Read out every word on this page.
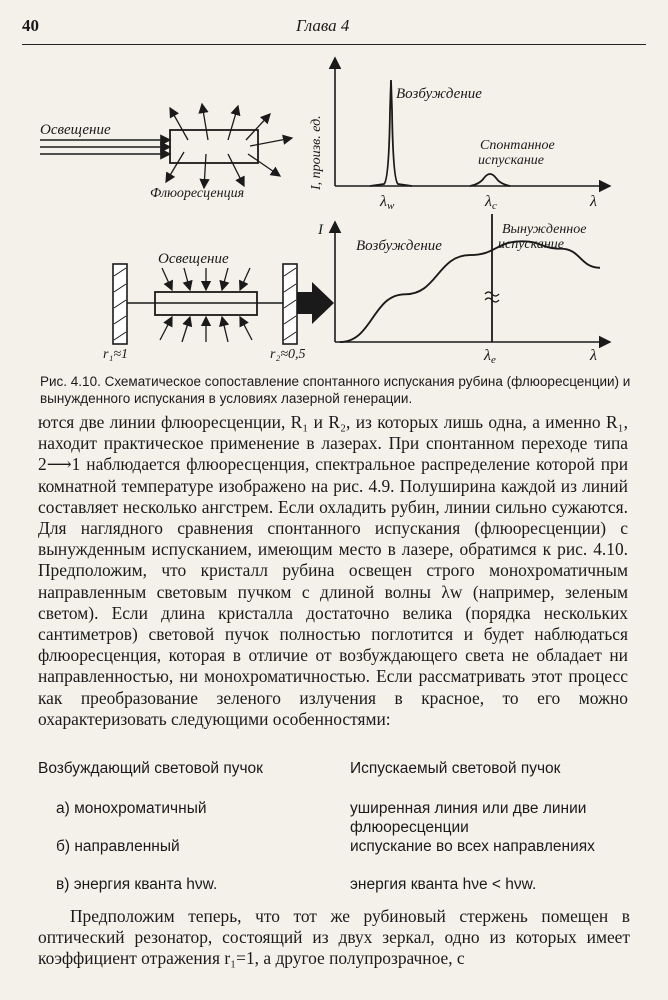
40	Глава 4
Освещение
Флюоресценция
I, произв. ед.
Возбуждение
Спонтанное
испускание
λw	λc	λ
Освещение
r₁≈1	r₂≈0,5
I
Возбуждение
Вынужденное
испускание
λe	λ
Рис. 4.10. Схематическое сопоставление спонтанного испускания рубина (флюоресценции) и вынужденного испускания в условиях лазерной генерации.

ются две линии флюоресценции, R₁ и R₂, из которых лишь одна, а именно R₁, находит практическое применение в лазерах. При спонтанном переходе типа 2⟶1 наблюдается флюоресценция, спектральное распределение которой при комнатной температуре изображено на рис. 4.9. Полуширина каждой из линий составляет несколько ангстрем. Если охладить рубин, линии сильно сужаются. Для наглядного сравнения спонтанного испускания (флюоресценции) с вынужденным испусканием, имеющим место в лазере, обратимся к рис. 4.10. Предположим, что кристалл рубина освещен строго монохроматичным направленным световым пучком с длиной волны λw (например, зеленым светом). Если длина кристалла достаточно велика (порядка нескольких сантиметров) световой пучок полностью поглотится и будет наблюдаться флюоресценция, которая в отличие от возбуждающего света не обладает ни направленностью, ни монохроматичностью. Если рассматривать этот процесс как преобразование зеленого излучения в красное, то его можно охарактеризовать следующими особенностями:

Возбуждающий световой пучок	Испускаемый световой пучок
а) монохроматичный	уширенная линия или две линии флюоресценции
б) направленный	испускание во всех направлениях
в) энергия кванта hνw.	энергия кванта hνe < hνw.
Предположим теперь, что тот же рубиновый стержень помещен в оптический резонатор, состоящий из двух зеркал, одно из которых имеет коэффициент отражения r₁=1, а другое полупрозрачное, с
